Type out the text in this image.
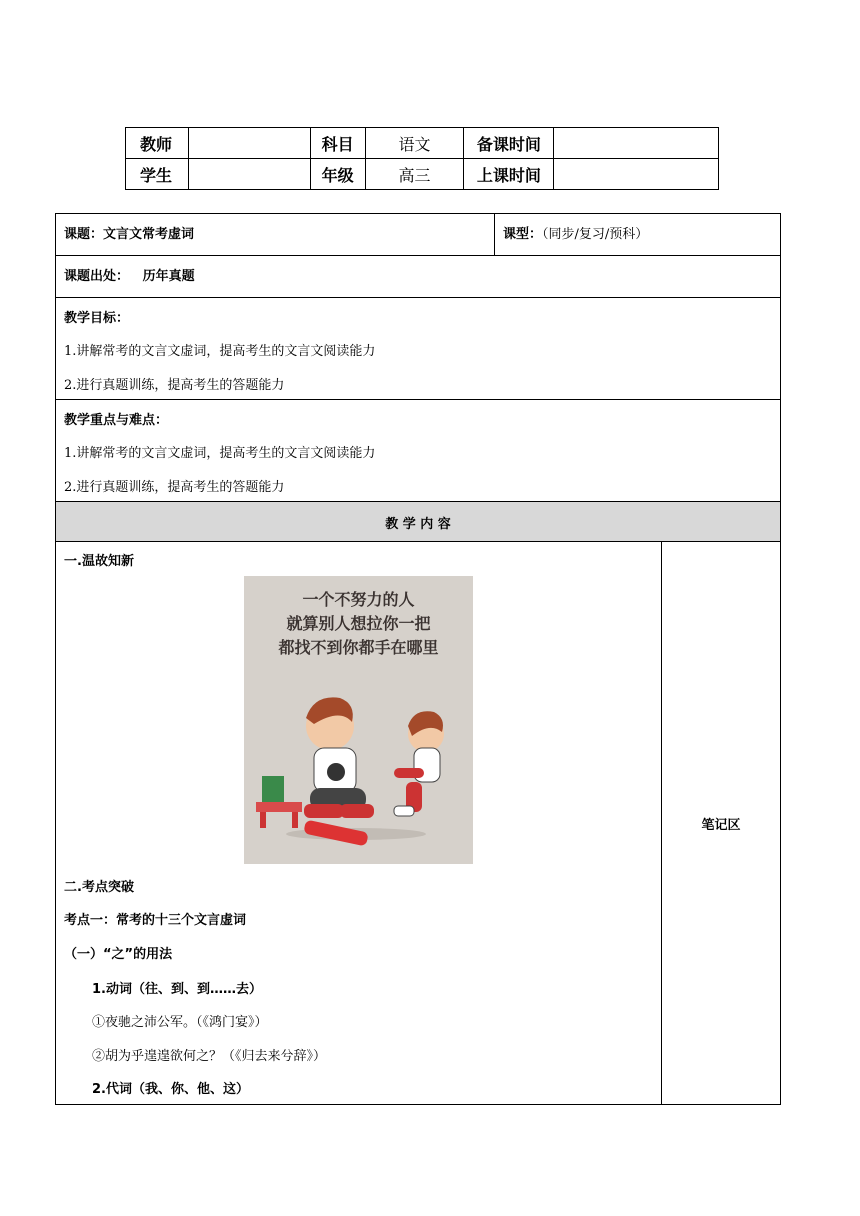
教师		科目	语文	备课时间	
学生		年级	高三	上课时间	
课题：文言文常考虚词	课型：（同步/复习/预科）
课题出处： 历年真题
教学目标：
1.讲解常考的文言文虚词，提高考生的文言文阅读能力
2.进行真题训练，提高考生的答题能力
教学重点与难点：
1.讲解常考的文言文虚词，提高考生的文言文阅读能力
2.进行真题训练，提高考生的答题能力
教 学 内 容
笔记区
一.温故知新
一个不努力的人
就算别人想拉你一把
都找不到你都手在哪里
二.考点突破
考点一：常考的十三个文言虚词
（一）“之”的用法
1.动词（往、到、到……去）
①夜驰之沛公军。（《鸿门宴》）
②胡为乎遑遑欲何之？（《归去来兮辞》）
2.代词（我、你、他、这）
